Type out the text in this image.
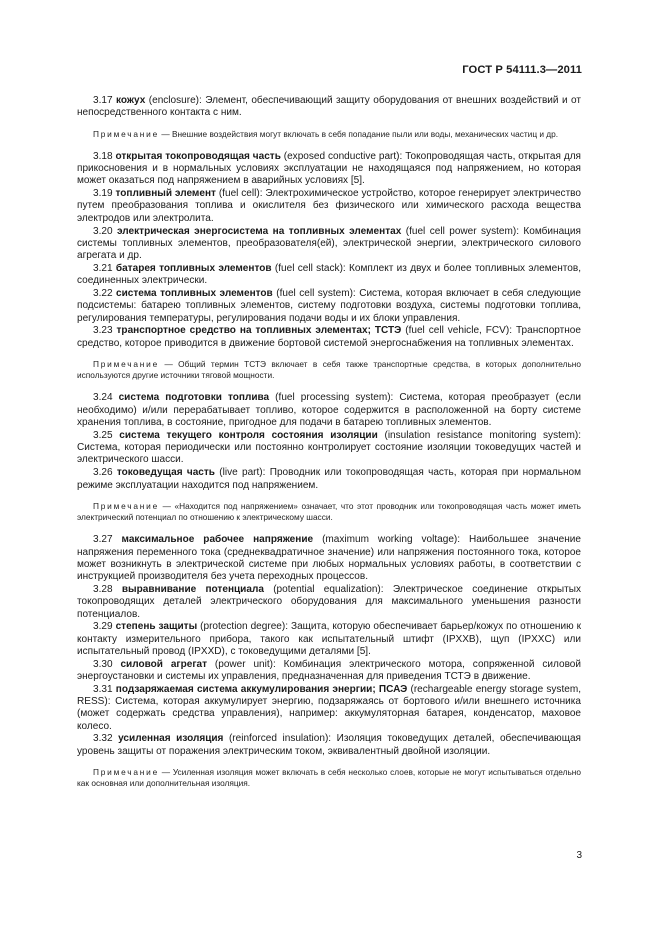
ГОСТ Р 54111.3—2011

3.17 кожух (enclosure): Элемент, обеспечивающий защиту оборудования от внешних воздействий и от непосредственного контакта с ним.

Примечание — Внешние воздействия могут включать в себя попадание пыли или воды, механических частиц и др.

3.18 открытая токопроводящая часть (exposed conductive part): Токопроводящая часть, открытая для прикосновения и в нормальных условиях эксплуатации не находящаяся под напряжением, но которая может оказаться под напряжением в аварийных условиях [5].

3.19 топливный элемент (fuel cell): Электрохимическое устройство, которое генерирует электричество путем преобразования топлива и окислителя без физического или химического расхода вещества электродов или электролита.

3.20 электрическая энергосистема на топливных элементах (fuel cell power system): Комбинация системы топливных элементов, преобразователя(ей), электрической энергии, электрического силового агрегата и др.

3.21 батарея топливных элементов (fuel cell stack): Комплект из двух и более топливных элементов, соединенных электрически.

3.22 система топливных элементов (fuel cell system): Система, которая включает в себя следующие подсистемы: батарею топливных элементов, систему подготовки воздуха, системы подготовки топлива, регулирования температуры, регулирования подачи воды и их блоки управления.

3.23 транспортное средство на топливных элементах; ТСТЭ (fuel cell vehicle, FCV): Транспортное средство, которое приводится в движение бортовой системой энергоснабжения на топливных элементах.

Примечание — Общий термин ТСТЭ включает в себя также транспортные средства, в которых дополнительно используются другие источники тяговой мощности.

3.24 система подготовки топлива (fuel processing system): Система, которая преобразует (если необходимо) и/или перерабатывает топливо, которое содержится в расположенной на борту системе хранения топлива, в состояние, пригодное для подачи в батарею топливных элементов.

3.25 система текущего контроля состояния изоляции (insulation resistance monitoring system): Система, которая периодически или постоянно контролирует состояние изоляции токоведущих частей и электрического шасси.

3.26 токоведущая часть (live part): Проводник или токопроводящая часть, которая при нормальном режиме эксплуатации находится под напряжением.

Примечание — «Находится под напряжением» означает, что этот проводник или токопроводящая часть может иметь электрический потенциал по отношению к электрическому шасси.

3.27 максимальное рабочее напряжение (maximum working voltage): Наибольшее значение напряжения переменного тока (среднеквадратичное значение) или напряжения постоянного тока, которое может возникнуть в электрической системе при любых нормальных условиях работы, в соответствии с инструкцией производителя без учета переходных процессов.

3.28 выравнивание потенциала (potential equalization): Электрическое соединение открытых токопроводящих деталей электрического оборудования для максимального уменьшения разности потенциалов.

3.29 степень защиты (protection degree): Защита, которую обеспечивает барьер/кожух по отношению к контакту измерительного прибора, такого как испытательный штифт (IPXXB), щуп (IPXXC) или испытательный провод (IPXXD), с токоведущими деталями [5].

3.30 силовой агрегат (power unit): Комбинация электрического мотора, сопряженной силовой энергоустановки и системы их управления, предназначенная для приведения ТСТЭ в движение.

3.31 подзаряжаемая система аккумулирования энергии; ПСАЭ (rechargeable energy storage system, RESS): Система, которая аккумулирует энергию, подзаряжаясь от бортового и/или внешнего источника (может содержать средства управления), например: аккумуляторная батарея, конденсатор, маховое колесо.

3.32 усиленная изоляция (reinforced insulation): Изоляция токоведущих деталей, обеспечивающая уровень защиты от поражения электрическим током, эквивалентный двойной изоляции.

Примечание — Усиленная изоляция может включать в себя несколько слоев, которые не могут испытываться отдельно как основная или дополнительная изоляция.

3
